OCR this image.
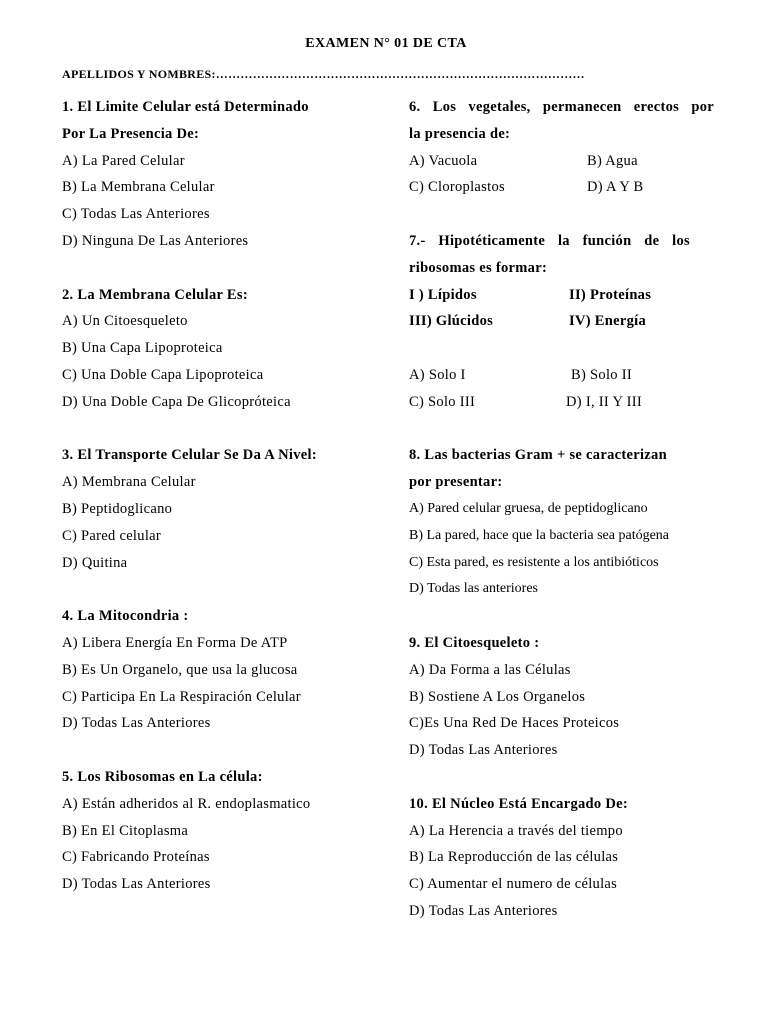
EXAMEN N° 01 DE CTA
APELLIDOS Y NOMBRES:………………………………………………………………………………
1. El Limite Celular está Determinado
Por La Presencia De:
A) La Pared Celular
B) La Membrana Celular
C) Todas Las Anteriores
D) Ninguna De Las Anteriores
2. La Membrana Celular Es:
A) Un Citoesqueleto
B) Una Capa Lipoproteica
C) Una Doble Capa Lipoproteica
D) Una Doble Capa De Glicopróteica
3. El Transporte Celular Se Da A Nivel:
A) Membrana Celular
B) Peptidoglicano
C) Pared celular
D) Quitina
4. La Mitocondria :
A) Libera Energía En Forma De ATP
B) Es Un Organelo, que usa la glucosa
C) Participa En La Respiración Celular
D) Todas Las Anteriores
5. Los Ribosomas en La célula:
A) Están adheridos al R. endoplasmatico
B) En El Citoplasma
C) Fabricando Proteínas
D) Todas Las Anteriores
6. Los vegetales, permanecen erectos por
la presencia de:
A) Vacuola	B) Agua
C) Cloroplastos	D) A Y B
7.- Hipotéticamente la función de los
ribosomas es formar:
I ) Lípidos	II) Proteínas
III) Glúcidos	IV) Energía
A) Solo I	B) Solo II
C) Solo III	D) I, II Y III
8. Las bacterias Gram + se caracterizan
por presentar:
A) Pared celular gruesa, de peptidoglicano
B) La pared, hace que la bacteria sea patógena
C) Esta pared, es resistente a los antibióticos
D) Todas las anteriores
9. El Citoesqueleto :
A) Da Forma a las Células
B) Sostiene A Los Organelos
C)Es Una Red De Haces Proteicos
D) Todas Las Anteriores
10. El Núcleo Está Encargado De:
A) La Herencia a través del tiempo
B) La Reproducción de las células
C) Aumentar el numero de células
D) Todas Las Anteriores
